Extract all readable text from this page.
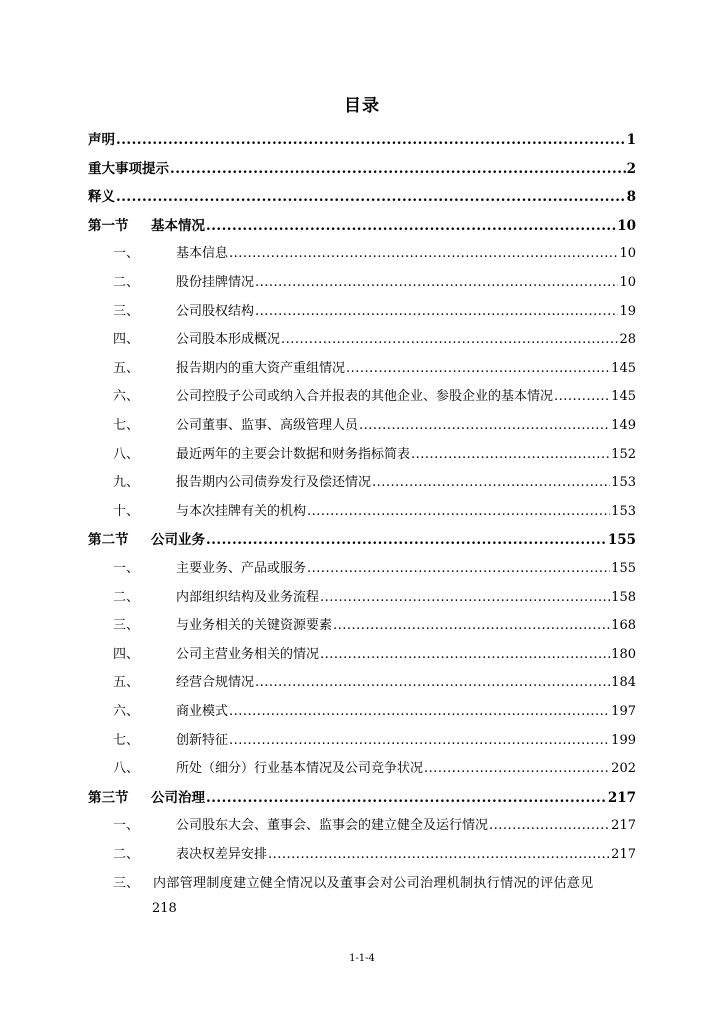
目录
声明 .....	1
重大事项提示 .....	2
释义 .....	8
第一节	基本情况 .....	10
一、	基本信息 .....	10
二、	股份挂牌情况 .....	10
三、	公司股权结构 .....	19
四、	公司股本形成概况 .....	28
五、	报告期内的重大资产重组情况 .....	145
六、	公司控股子公司或纳入合并报表的其他企业、参股企业的基本情况 .....	145
七、	公司董事、监事、高级管理人员 .....	149
八、	最近两年的主要会计数据和财务指标简表 .....	152
九、	报告期内公司债券发行及偿还情况 .....	153
十、	与本次挂牌有关的机构 .....	153
第二节	公司业务 .....	155
一、	主要业务、产品或服务 .....	155
二、	内部组织结构及业务流程 .....	158
三、	与业务相关的关键资源要素 .....	168
四、	公司主营业务相关的情况 .....	180
五、	经营合规情况 .....	184
六、	商业模式 .....	197
七、	创新特征 .....	199
八、	所处（细分）行业基本情况及公司竞争状况 .....	202
第三节	公司治理 .....	217
一、	公司股东大会、董事会、监事会的建立健全及运行情况 .....	217
二、	表决权差异安排 .....	217
三、	内部管理制度建立健全情况以及董事会对公司治理机制执行情况的评估意见
218
1-1-4
